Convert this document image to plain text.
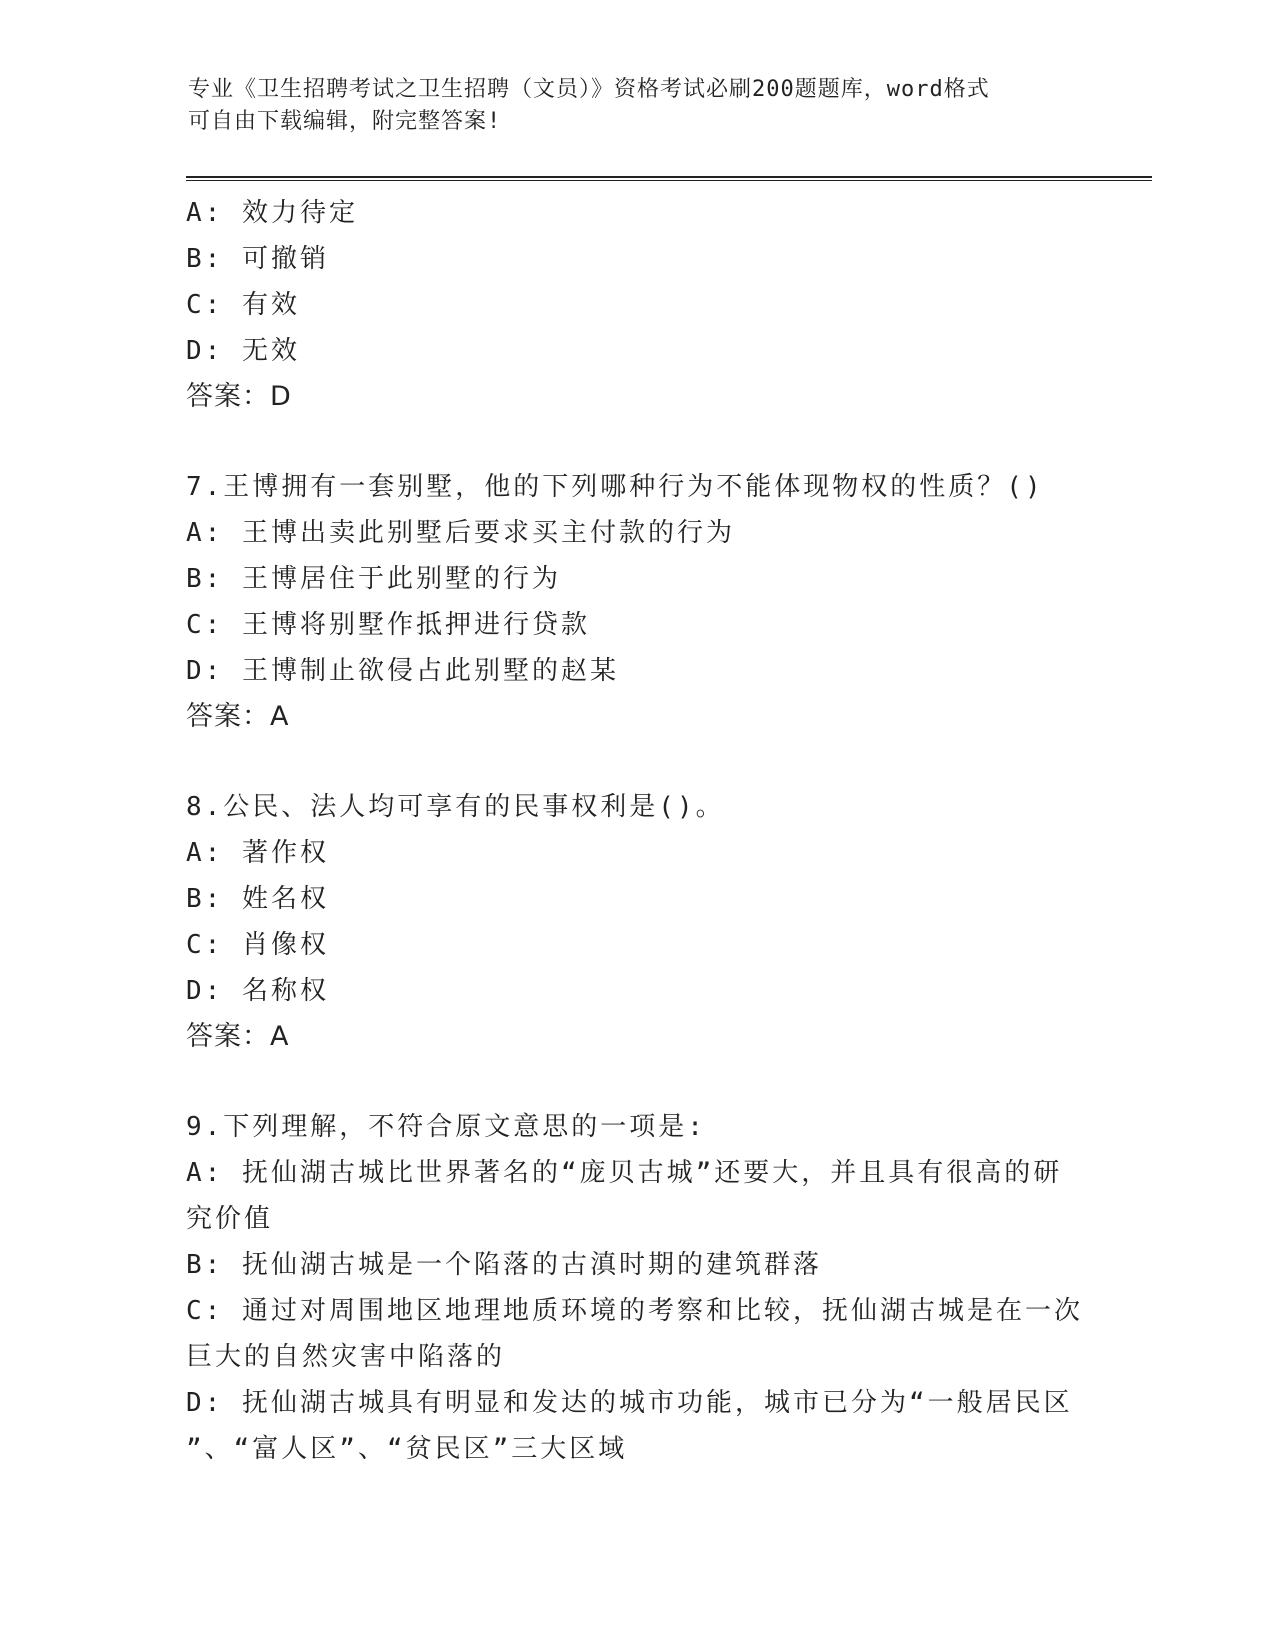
专业《卫生招聘考试之卫生招聘（文员）》资格考试必刷200题题库，word格式
可自由下载编辑，附完整答案!
A: 效力待定
B: 可撤销
C: 有效
D: 无效
答案：D
7.王博拥有一套别墅，他的下列哪种行为不能体现物权的性质？()
A: 王博出卖此别墅后要求买主付款的行为
B: 王博居住于此别墅的行为
C: 王博将别墅作抵押进行贷款
D: 王博制止欲侵占此别墅的赵某
答案：A
8.公民、法人均可享有的民事权利是()。
A: 著作权
B: 姓名权
C: 肖像权
D: 名称权
答案：A
9.下列理解，不符合原文意思的一项是:
A: 抚仙湖古城比世界著名的“庞贝古城”还要大，并且具有很高的研
究价值
B: 抚仙湖古城是一个陷落的古滇时期的建筑群落
C: 通过对周围地区地理地质环境的考察和比较，抚仙湖古城是在一次
巨大的自然灾害中陷落的
D: 抚仙湖古城具有明显和发达的城市功能，城市已分为“一般居民区
”、“富人区”、“贫民区”三大区域
